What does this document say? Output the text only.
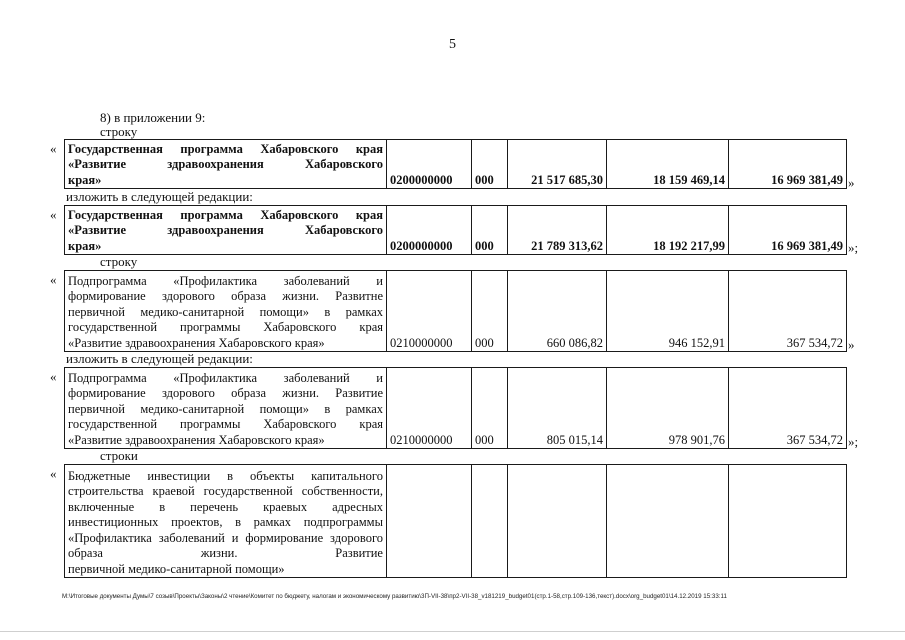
5
8) в приложении 9:
строку
« Государственная программа Хабаровского края «Развитие здравоохранения Хабаровского
края»	0200000000	000	21 517 685,30	18 159 469,14	16 969 381,49 »
изложить в следующей редакции:
« Государственная программа Хабаровского края «Развитие здравоохранения Хабаровского
края»	0200000000	000	21 789 313,62	18 192 217,99	16 969 381,49 »;
строку
« Подпрограмма «Профилактика заболеваний и формирование здорового образа жизни. Развитне первичной медико-санитарной помощи» в рамках государственной программы Хабаровского края
«Развитие здравоохранения Хабаровского края»	0210000000	000	660 086,82	946 152,91	367 534,72 »
изложить в следующей редакции:
« Подпрограмма «Профилактика заболеваний и формирование здорового образа жизни. Развитие первичной медико-санитарной помощи» в рамках государственной программы Хабаровского края
«Развитие здравоохранения Хабаровского края»	0210000000	000	805 015,14	978 901,76	367 534,72 »;
строки
« Бюджетные инвестиции в объекты капитального строительства краевой государственной собственности, включенные в перечень краевых адресных инвестиционных проектов, в рамках подпрограммы «Профилактика заболеваний и формирование здорового образа жизни. Развитие
первичной медико-санитарной помощи»

M:\Итоговые документы Думы\7 созыв\Проекты\Законы\2 чтение\Комитет по бюджету, налогам и экономическому развитию\3П-VII-38\пр2-VII-38_v181219_budget01(стр.1-58,стр.109-136,текст).docx\org_budget01\14.12.2019 15:33:11
